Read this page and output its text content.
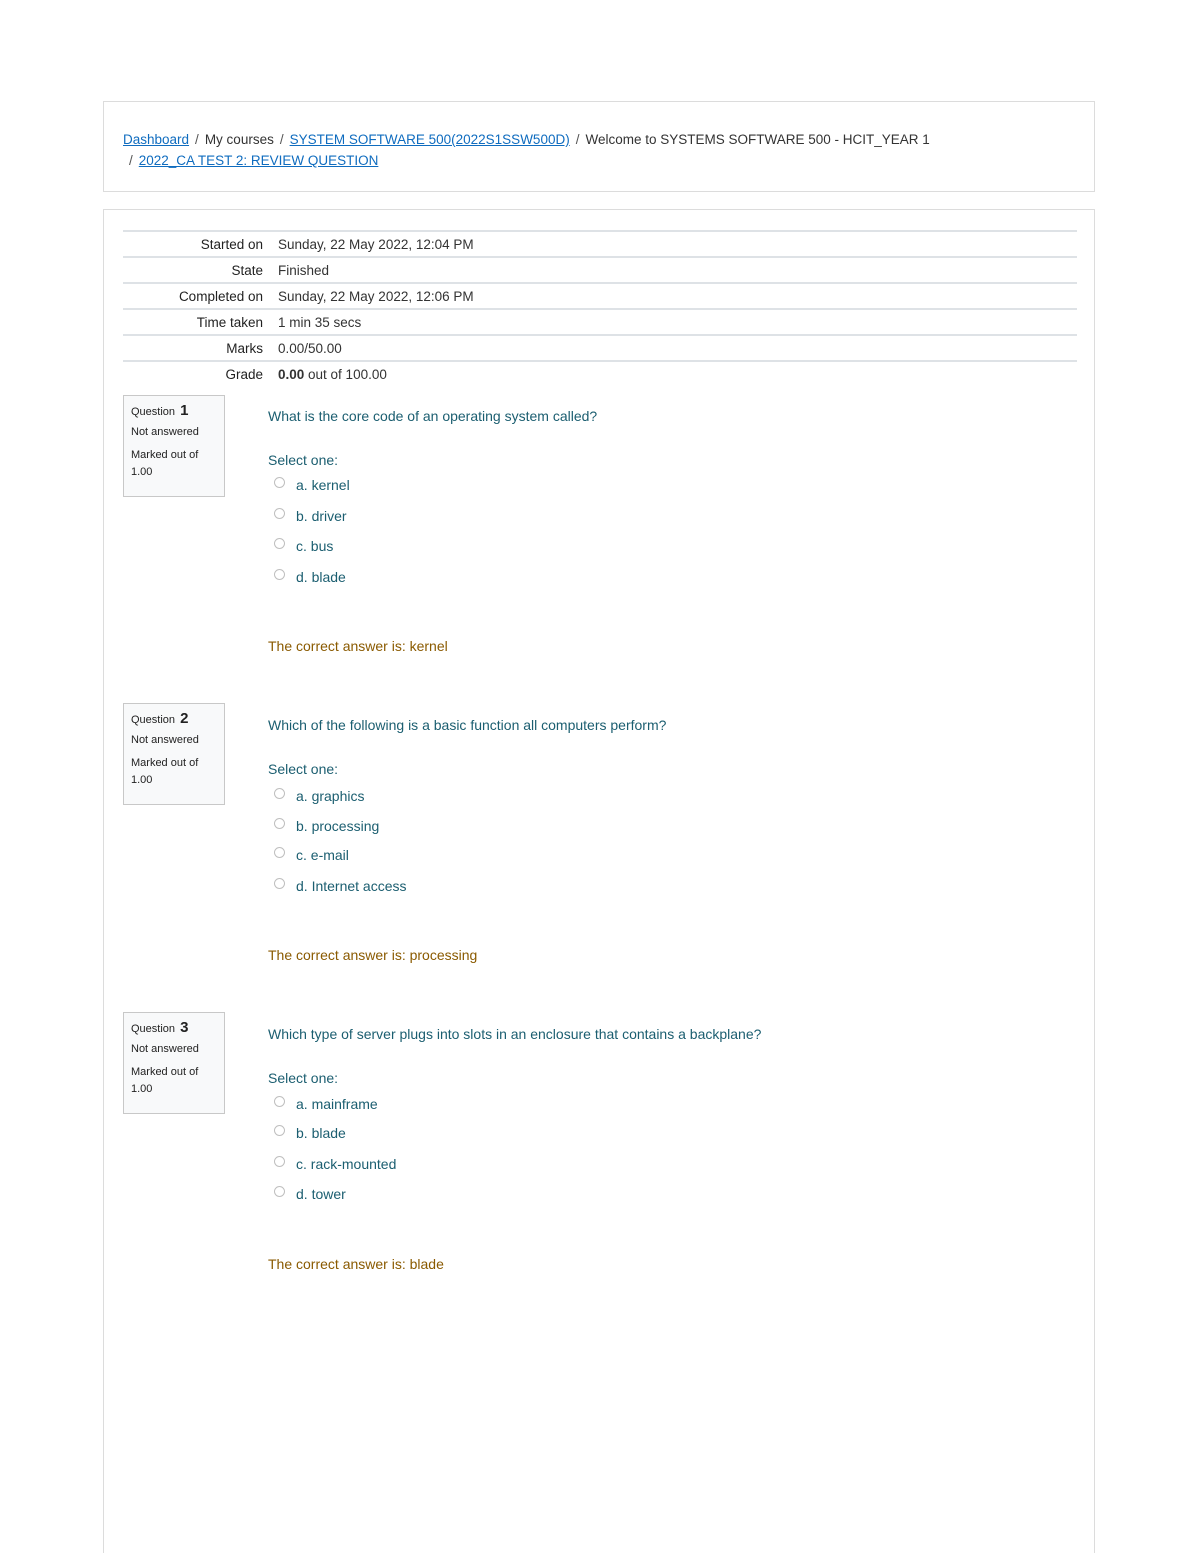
Dashboard / My courses / SYSTEM SOFTWARE 500(2022S1SSW500D) / Welcome to SYSTEMS SOFTWARE 500 - HCIT_YEAR 1
/ 2022_CA TEST 2: REVIEW QUESTION
Started on	Sunday, 22 May 2022, 12:04 PM
State	Finished
Completed on	Sunday, 22 May 2022, 12:06 PM
Time taken	1 min 35 secs
Marks	0.00/50.00
Grade	0.00 out of 100.00
Question 1
Not answered
Marked out of
1.00
What is the core code of an operating system called?
Select one:
a. kernel
b. driver
c. bus
d. blade
The correct answer is: kernel
Question 2
Not answered
Marked out of
1.00
Which of the following is a basic function all computers perform?
Select one:
a. graphics
b. processing
c. e-mail
d. Internet access
The correct answer is: processing
Question 3
Not answered
Marked out of
1.00
Which type of server plugs into slots in an enclosure that contains a backplane?
Select one:
a. mainframe
b. blade
c. rack-mounted
d. tower
The correct answer is: blade
